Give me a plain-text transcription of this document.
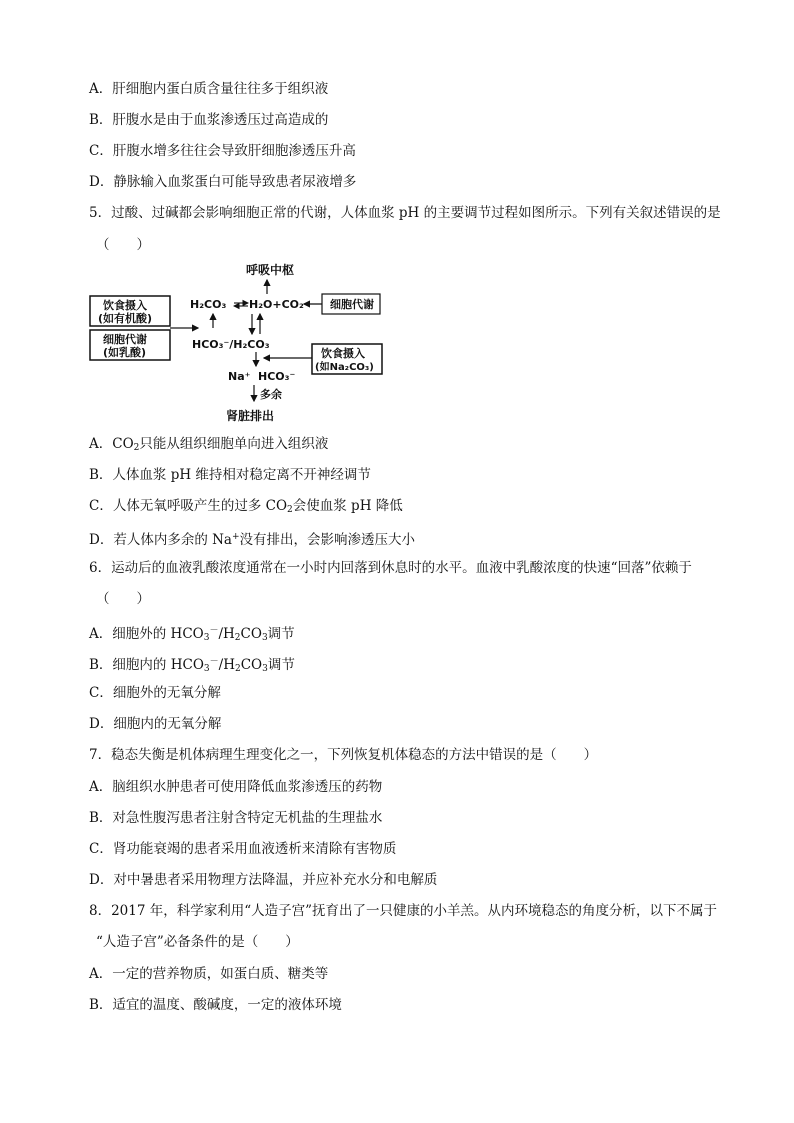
A．肝细胞内蛋白质含量往往多于组织液
B．肝腹水是由于血浆渗透压过高造成的
C．肝腹水增多往往会导致肝细胞渗透压升高
D．静脉输入血浆蛋白可能导致患者尿液增多
5．过酸、过碱都会影响细胞正常的代谢，人体血浆 pH 的主要调节过程如图所示。下列有关叙述错误的是
（　　）
呼吸中枢
H₂CO₃ H₂O+CO₂ 细胞代谢
饮食摄入
(如有机酸)
细胞代谢
(如乳酸)
HCO₃⁻/H₂CO₃
饮食摄入
(如Na₂CO₃)
Na⁺ HCO₃⁻
多余
肾脏排出
A．$CO_2$只能从组织细胞单向进入组织液
B．人体血浆 pH 维持相对稳定离不开神经调节
C．人体无氧呼吸产生的过多 $CO_2$会使血浆 pH 降低
D．若人体内多余的 Na+没有排出，会影响渗透压大小
6．运动后的血液乳酸浓度通常在一小时内回落到休息时的水平。血液中乳酸浓度的快速“回落”依赖于
（　　）
A．细胞外的 $HCO_3^-/H_2CO_3$调节
B．细胞内的 $HCO_3^-/H_2CO_3$调节
C．细胞外的无氧分解
D．细胞内的无氧分解
7．稳态失衡是机体病理生理变化之一，下列恢复机体稳态的方法中错误的是（　　）
A．脑组织水肿患者可使用降低血浆渗透压的药物
B．对急性腹泻患者注射含特定无机盐的生理盐水
C．肾功能衰竭的患者采用血液透析来清除有害物质
D．对中暑患者采用物理方法降温，并应补充水分和电解质
8．2017 年，科学家利用“人造子宫”抚育出了一只健康的小羊羔。从内环境稳态的角度分析，以下不属于
“人造子宫”必备条件的是（　　）
A．一定的营养物质，如蛋白质、糖类等
B．适宜的温度、酸碱度，一定的液体环境
